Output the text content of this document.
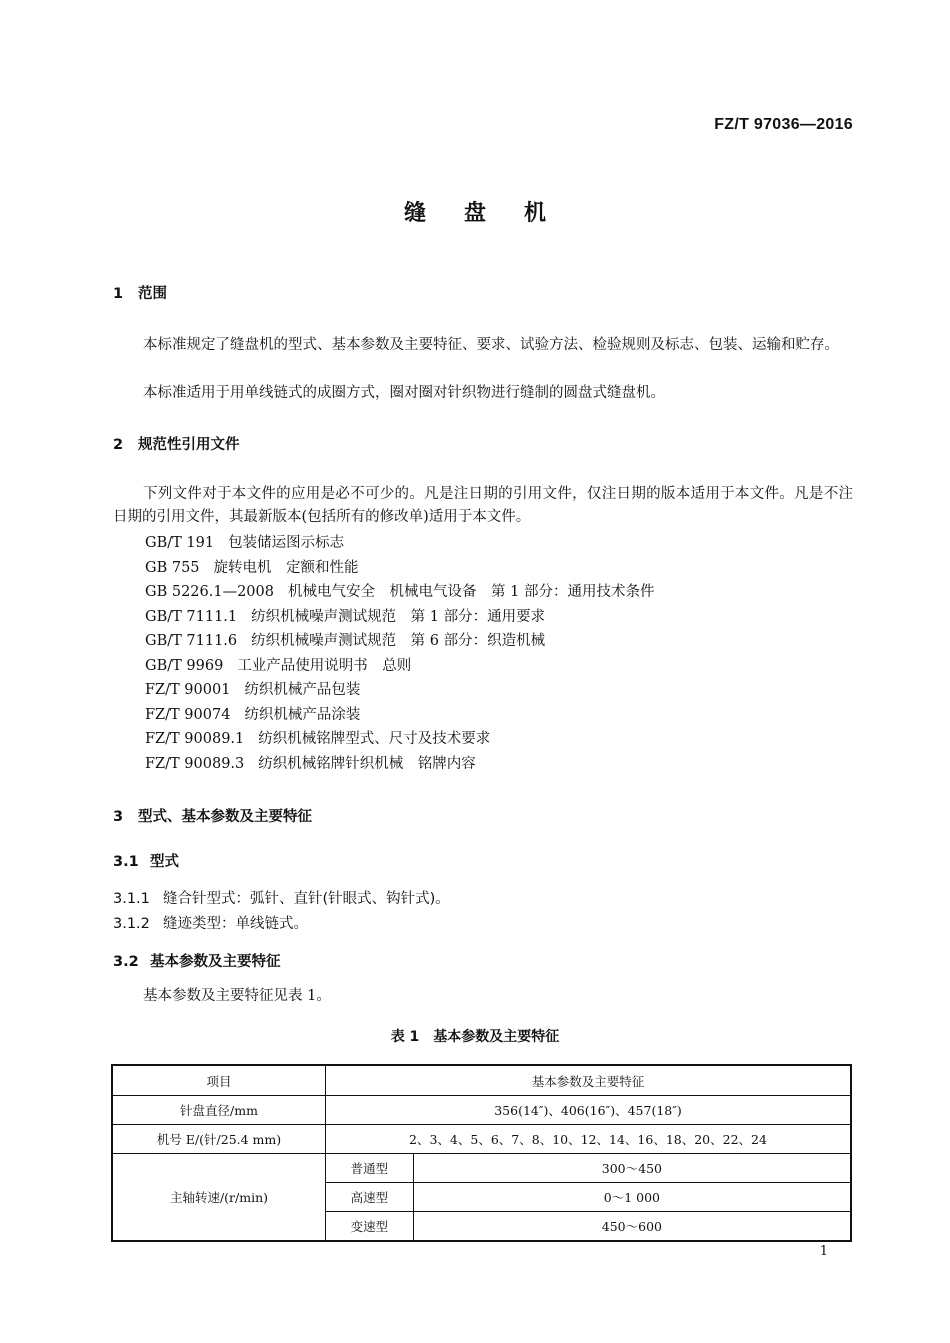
FZ/T 97036—2016
缝盘机
1 范围
本标准规定了缝盘机的型式、基本参数及主要特征、要求、试验方法、检验规则及标志、包装、运输和贮存。
本标准适用于用单线链式的成圈方式，圈对圈对针织物进行缝制的圆盘式缝盘机。
2 规范性引用文件
下列文件对于本文件的应用是必不可少的。凡是注日期的引用文件，仅注日期的版本适用于本文件。凡是不注日期的引用文件，其最新版本(包括所有的修改单)适用于本文件。
GB/T 191 包装储运图示标志
GB 755 旋转电机　定额和性能
GB 5226.1—2008 机械电气安全　机械电气设备　第 1 部分：通用技术条件
GB/T 7111.1 纺织机械噪声测试规范　第 1 部分：通用要求
GB/T 7111.6 纺织机械噪声测试规范　第 6 部分：织造机械
GB/T 9969 工业产品使用说明书　总则
FZ/T 90001 纺织机械产品包装
FZ/T 90074 纺织机械产品涂装
FZ/T 90089.1 纺织机械铭牌型式、尺寸及技术要求
FZ/T 90089.3 纺织机械铭牌针织机械　铭牌内容
3 型式、基本参数及主要特征
3.1 型式
3.1.1 缝合针型式：弧针、直针(针眼式、钩针式)。
3.1.2 缝迹类型：单线链式。
3.2 基本参数及主要特征
基本参数及主要特征见表 1。
表 1　基本参数及主要特征
项目	基本参数及主要特征	
针盘直径/mm	356(14″)、406(16″)、457(18″)	
机号 E/(针/25.4 mm)	2、3、4、5、6、7、8、10、12、14、16、18、20、22、24	
主轴转速/(r/min)	普通型	300～450
	高速型	0～1 000
	变速型	450～600
1
